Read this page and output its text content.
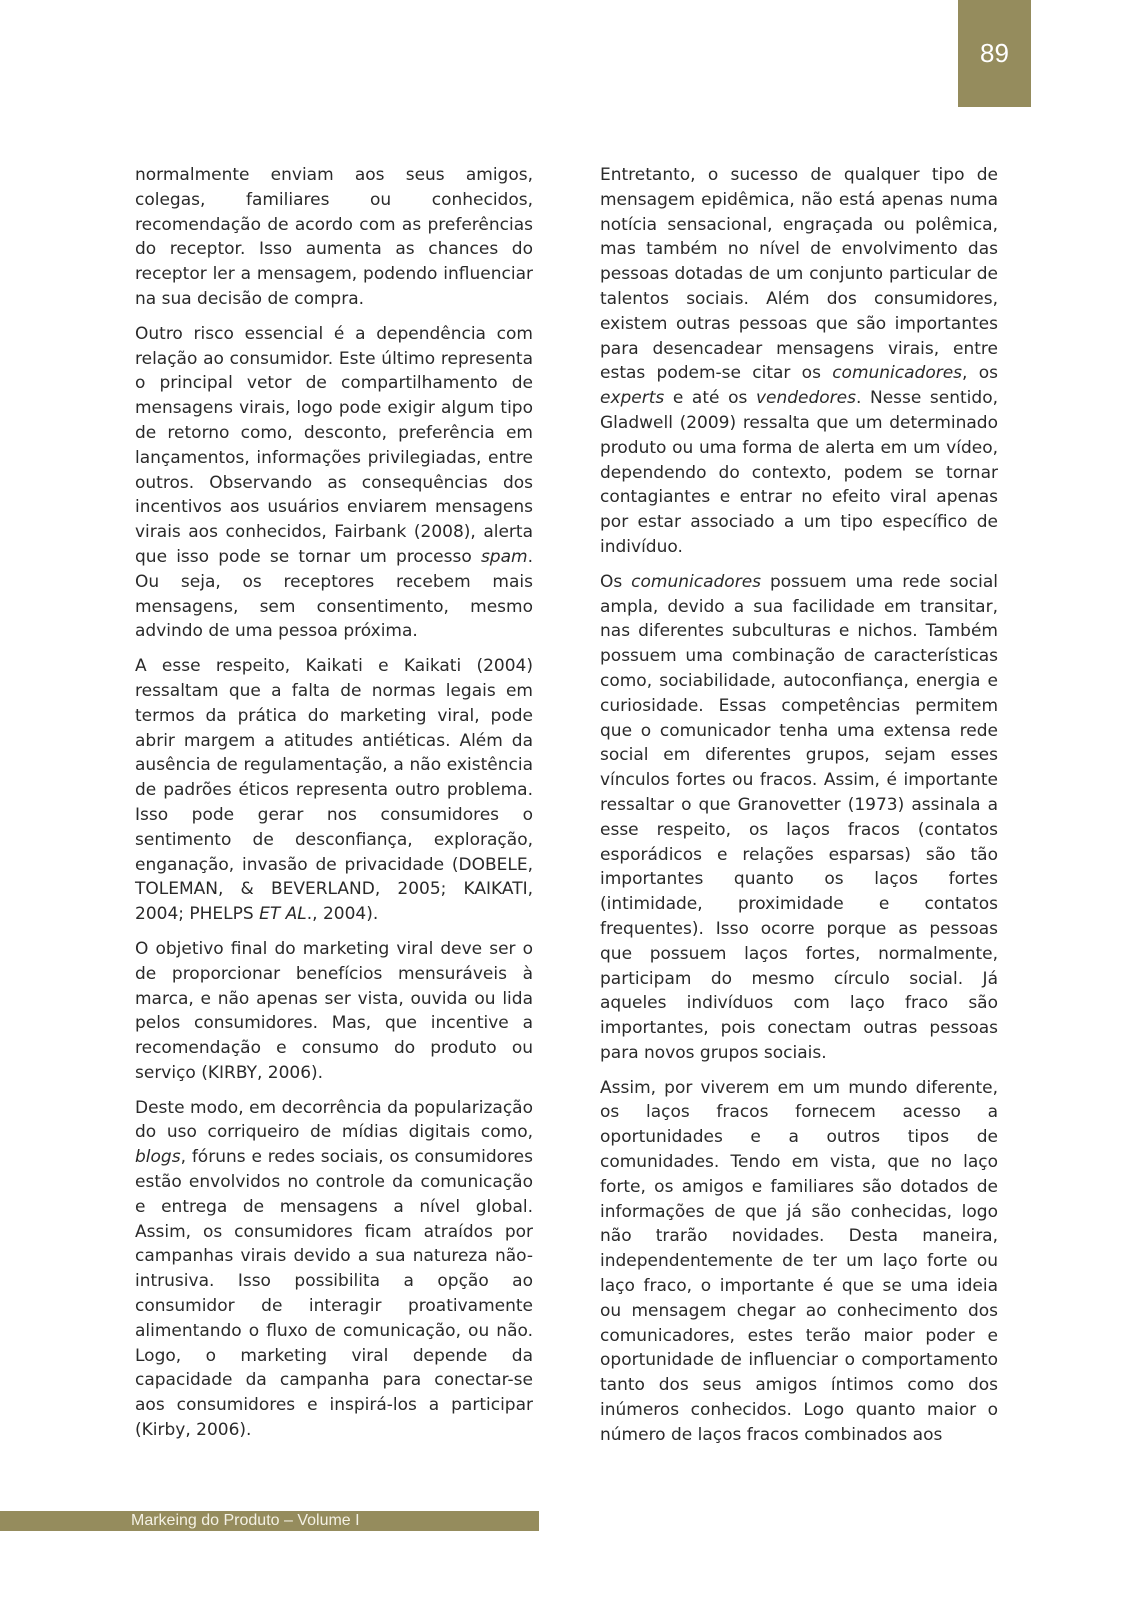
89

normalmente enviam aos seus amigos, colegas, familiares ou conhecidos, recomendação de acordo com as preferências do receptor. Isso aumenta as chances do receptor ler a mensagem, podendo influenciar na sua decisão de compra.

Outro risco essencial é a dependência com relação ao consumidor. Este último representa o principal vetor de compartilhamento de mensagens virais, logo pode exigir algum tipo de retorno como, desconto, preferência em lançamentos, informações privilegiadas, entre outros. Observando as consequências dos incentivos aos usuários enviarem mensagens virais aos conhecidos, Fairbank (2008), alerta que isso pode se tornar um processo spam. Ou seja, os receptores recebem mais mensagens, sem consentimento, mesmo advindo de uma pessoa próxima.

A esse respeito, Kaikati e Kaikati (2004) ressaltam que a falta de normas legais em termos da prática do marketing viral, pode abrir margem a atitudes antiéticas. Além da ausência de regulamentação, a não existência de padrões éticos representa outro problema. Isso pode gerar nos consumidores o sentimento de desconfiança, exploração, enganação, invasão de privacidade (DOBELE, TOLEMAN, & BEVERLAND, 2005; KAIKATI, 2004; PHELPS ET AL., 2004).

O objetivo final do marketing viral deve ser o de proporcionar benefícios mensuráveis à marca, e não apenas ser vista, ouvida ou lida pelos consumidores. Mas, que incentive a recomendação e consumo do produto ou serviço (KIRBY, 2006).

Deste modo, em decorrência da popularização do uso corriqueiro de mídias digitais como, blogs, fóruns e redes sociais, os consumidores estão envolvidos no controle da comunicação e entrega de mensagens a nível global. Assim, os consumidores ficam atraídos por campanhas virais devido a sua natureza não-intrusiva. Isso possibilita a opção ao consumidor de interagir proativamente alimentando o fluxo de comunicação, ou não. Logo, o marketing viral depende da capacidade da campanha para conectar-se aos consumidores e inspirá-los a participar (Kirby, 2006).

Entretanto, o sucesso de qualquer tipo de mensagem epidêmica, não está apenas numa notícia sensacional, engraçada ou polêmica, mas também no nível de envolvimento das pessoas dotadas de um conjunto particular de talentos sociais. Além dos consumidores, existem outras pessoas que são importantes para desencadear mensagens virais, entre estas podem-se citar os comunicadores, os experts e até os vendedores. Nesse sentido, Gladwell (2009) ressalta que um determinado produto ou uma forma de alerta em um vídeo, dependendo do contexto, podem se tornar contagiantes e entrar no efeito viral apenas por estar associado a um tipo específico de indivíduo.

Os comunicadores possuem uma rede social ampla, devido a sua facilidade em transitar, nas diferentes subculturas e nichos. Também possuem uma combinação de características como, sociabilidade, autoconfiança, energia e curiosidade. Essas competências permitem que o comunicador tenha uma extensa rede social em diferentes grupos, sejam esses vínculos fortes ou fracos. Assim, é importante ressaltar o que Granovetter (1973) assinala a esse respeito, os laços fracos (contatos esporádicos e relações esparsas) são tão importantes quanto os laços fortes (intimidade, proximidade e contatos frequentes). Isso ocorre porque as pessoas que possuem laços fortes, normalmente, participam do mesmo círculo social. Já aqueles indivíduos com laço fraco são importantes, pois conectam outras pessoas para novos grupos sociais.

Assim, por viverem em um mundo diferente, os laços fracos fornecem acesso a oportunidades e a outros tipos de comunidades. Tendo em vista, que no laço forte, os amigos e familiares são dotados de informações de que já são conhecidas, logo não trarão novidades. Desta maneira, independentemente de ter um laço forte ou laço fraco, o importante é que se uma ideia ou mensagem chegar ao conhecimento dos comunicadores, estes terão maior poder e oportunidade de influenciar o comportamento tanto dos seus amigos íntimos como dos inúmeros conhecidos. Logo quanto maior o número de laços fracos combinados aos

Markeing do Produto – Volume I
